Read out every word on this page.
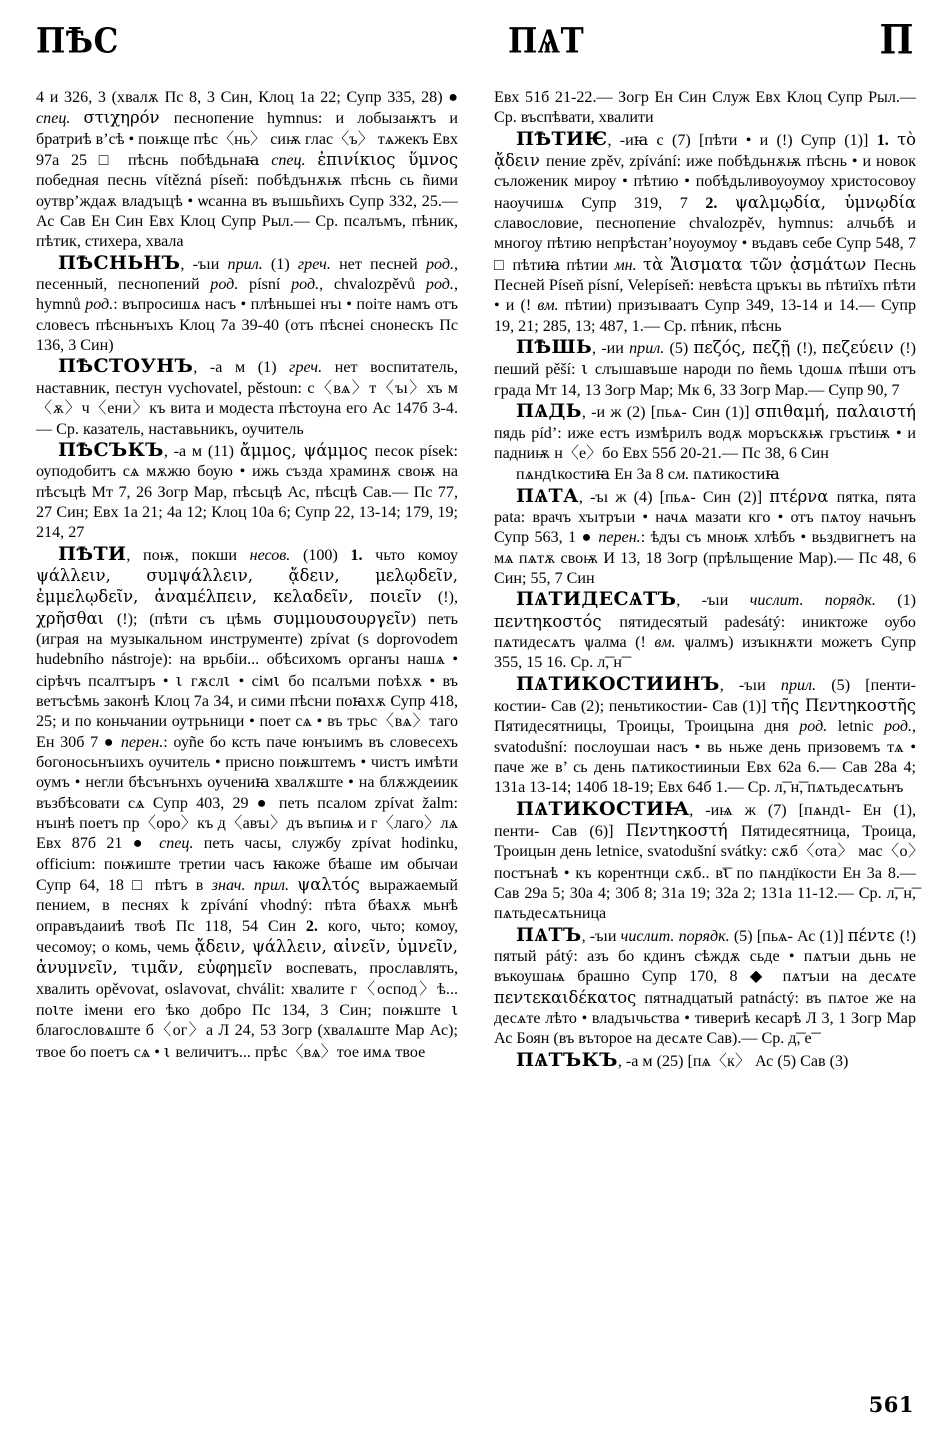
ПѢС	ПѦТ	П

4 и 326, 3 (хвалѫ Пс 8, 3 Син, Клоц 1а 22; Супр 335, 28) ● спец. στιχηρόν песнопение hymnus: и лобызаѭтъ и братриѣ в’сѣ • поѭще пѣс〈нь〉 сиѭ глас〈ъ〉 тѧжекъ Евх 97а 25 □ пѣснь побѣдьнаꙗ спец. ἐπινίκιος ὕμνος победная песнь vítězná píseň: побѣдънѫѭ пѣснь сь ñими оутврʼждаѫ владъıцѣ • ѡсанна въ въıшьñихъ Супр 332, 25.— Ас Сав Ен Син Евх Клоц Супр Рыл.— Ср. псалъмъ, пѣник, пѣтик, стихера, хвала

ПѢСНЬНЪ, -ъıи прил. (1) греч. нет песней род., песенный, песнопений род. písní род., chvalozpěvů род., hymnů род.: въпросишѧ насъ • плѣньшеі нъı • поіте намъ отъ словесъ пѣсньнъıхъ Клоц 7а 39-40 (отъ пѣснеі снонескъ Пс 136, 3 Син)

ПѢСТОУНЪ, -а м (1) греч. нет воспитатель, наставник, пестун vychovatel, pěstoun: с〈вѧ〉т〈ъı〉хъ м〈ѫ〉ч〈ени〉къ вита и модеста пѣстоуна его Ас 147б 3-4.— Ср. казатель, наставьникъ, оучитель

ПѢСЪКЪ, -а м (11) ἄμμος, ψάμμος песок písek: оуподобитъ сѧ мѫжю боую • ижь създа храминѫ своѭ на пѣсъцѣ Мт 7, 26 Зогр Мар, пѣсьцѣ Ас, пѣсцѣ Сав.— Пс 77, 27 Син; Евх 1а 21; 4а 12; Клоц 10а 6; Супр 22, 13-14; 179, 19; 214, 27

ПѢТИ, поѭ, покши несов. (100) 1. чьто комоу ψάλλειν, συμψάλλειν, ᾄδειν, μελῳδεῖν, ἐμμελῳδεῖν, ἀναμέλπειν, κελαδεῖν, ποιεῖν (!), χρῆσθαι (!); (пѣти съ цѣмь συμμουσουργεῖν) петь (играя на музыкальном инструменте) zpívat (s doprovodem hudebního nástroje): на врьбіи... обѣсихомъ органъı нашѧ • сірѣчъ псалтъıръ • ι гѫслι • сімι бо псалъми поѣхѫ • въ ветъсѣмь законѣ Клоц 7а 34, и сими пѣсни поꙗхѫ Супр 418, 25; и по коньчании оутрьници • поет сѧ • въ трьс〈вѧ〉таго Ен 30б 7 ● перен.: оуñе бо ксть паче юнъıимъ въ словесехъ богоносьнъıихъ оучитель • присно поѭштемъ • чистъ имѣти оумъ • негли бѣсънънхъ оучениꙗ хвалѫште • на блѫждеиик възбѣсовати сѧ Супр 403, 29 ● петь псалом zpívat žalm: нъıнѣ поетъ пр〈оро〉къ д〈авъı〉дъ въпиѩ и г〈лаго〉лѧ Евх 87б 21 ● спец. петь часы, службу zpívat hodinku, officium: поѭиште третии часъ ꙗкоже бѣаше им обычаи Супр 64, 18 □ пѣтъ в знач. прил. ψαλτός выражаемый пением, в песнях k zpívání vhodný: пѣта бѣахѫ мьнѣ оправъдаииѣ твоѣ Пс 118, 54 Син 2. кого, чьто; комоу, чесомоу; о комь, чемь ᾄδειν, ψάλλειν, αἰνεῖν, ὑμνεῖν, ἀνυμνεῖν, τιμᾶν, εὐφημεῖν воспевать, прославлять, хвалить opěvovat, oslavovat, chválit: хвалите г〈оспод〉ѣ... поιте імени его ѣко добро Пс 134, 3 Син; поѭште ι благословѧште б〈ог〉а Л 24, 53 Зогр (хвалѧште Мар Ас); твое бо поетъ сѧ • ι величитъ... прѣс〈вѧ〉тое имѧ твое

Евх 51б 21-22.— Зогр Ен Син Служ Евх Клоц Супр Рыл.— Ср. въспѣвати, хвалити

ПѢТИѤ, -иꙗ с (7) [пѣти • и (!) Супр (1)] 1. τὸ ᾄδειν пение zpěv, zpívání: иже побѣдьнѫѭ пѣснь • и новок съложеник мироу • пѣтию • побѣдьливоуоумоу христосовоу наоучишѧ Супр 319, 7 2. ψαλμῳδία, ὑμνῳδία славословие, песнопение chvalozpěv, hymnus: алчьбѣ и многоу пѣтию непрѣстан’ноуоумоу • въдавъ себе Супр 548, 7 □ пѣтиꙗ пѣтии мн. τὰ Ἄισματα τῶν ᾀσμάτων Песнь Песней Píseň písní, Velepíseň: невѣста цръкъı вь пѣтиїхъ пѣти • и (! вм. пѣтии) призъıваатъ Супр 349, 13-14 и 14.— Супр 19, 21; 285, 13; 487, 1.— Ср. пѣник, пѣснь

ПѢШЬ, -ии прил. (5) πεζός, πεζῇ (!), πεζεύειν (!) пеший pěší: ι слъıшавъше народи по ñемь ιдошѧ пѣши отъ града Мт 14, 13 Зогр Мар; Мк 6, 33 Зогр Мар.— Супр 90, 7

ПѦДЬ, -и ж (2) [пьѧ- Син (1)] σπιθαμή, παλαιστή пядь píd’: иже естъ измѣрилъ водѫ моръскѫѭ гръстиѭ • и падниѭ н〈е〉бо Евх 55б 20-21.— Пс 38, 6 Син

пѧндιкостиꙗ Ен 3а 8 см. пѧтикостиꙗ

ПѦТА, -ъı ж (4) [пьѧ- Син (2)] πτέρνα пятка, пята pata: врачъ хъıтръıи • начѧ мазати кго • отъ пѧтоу начьнъ Супр 563, 1 ● перен.: ѣдъı съ мноѭ хлѣбъ • вьздвигнетъ на мѧ пѧтѫ своѭ И 13, 18 Зогр (прѣльщение Мар).— Пс 48, 6 Син; 55, 7 Син

ПѦТИДЕСѦТЪ, -ъıи числит. порядк. (1) πεντηκοστός пятидесятый padesátý: иниктоже оубо пѧтидесѧтъ ѱалма (! вм. ѱалмъ) изъıкнѫти можетъ Супр 355, 15 16. Ср. л͞, н͞

ПѦТИКОСТИИНЪ, -ъıи прил. (5) [пенти-костии- Сав (2); пеньтикостии- Сав (1)] τῆς Πεντηκοστῆς Пятидесятницы, Троицы, Троицына дня род. letnic род., svatodušní: послоушаи насъ • вь ньже день призовемъ тѧ • паче же в’ сь день пѧтикостииныи Евх 62а 6.— Сав 28а 4; 131а 13-14; 140б 18-19; Евх 64б 1.— Ср. л͞, н͞, пѧтьдесѧтьнъ

ПѦТИКОСТИꙖ, -иѩ ж (7) [пѧндι- Ен (1), пенти- Сав (6)] Πεντηκοστή Пятидесятница, Троица, Троицын день letnice, svatodušní svátky: сѫб〈ота〉 мас〈о〉постънаѣ • къ корентнци сѫб.. в͞ι по пѧндїкости Ен 3а 8.— Сав 29а 5; 30а 4; 30б 8; 31а 19; 32а 2; 131а 11-12.— Ср. л͞, н͞, пѧтьдесѧтьница

ПѦТЪ, -ъıи числит. порядк. (5) [пьѧ- Ас (1)] πέντε (!) пятый pátý: азъ бо кдинъ сѣждѫ сьде • пѧтъıи дьнь не въкоушаѩ брашно Супр 170, 8 ◆ пѧтъıи на десѧте πεντεκαιδέκατος пятнадцатый patnáctý: въ пѧтое же на десѧте лѣто • владъıчьства • тивериѣ кесарѣ Л 3, 1 Зогр Мар Ас Боян (въ въторое на десѧте Сав).— Ср. д͞, е͞

ПѦТЪКЪ, -а м (25) [пѧ〈к〉 Ас (5) Сав (3)

561
